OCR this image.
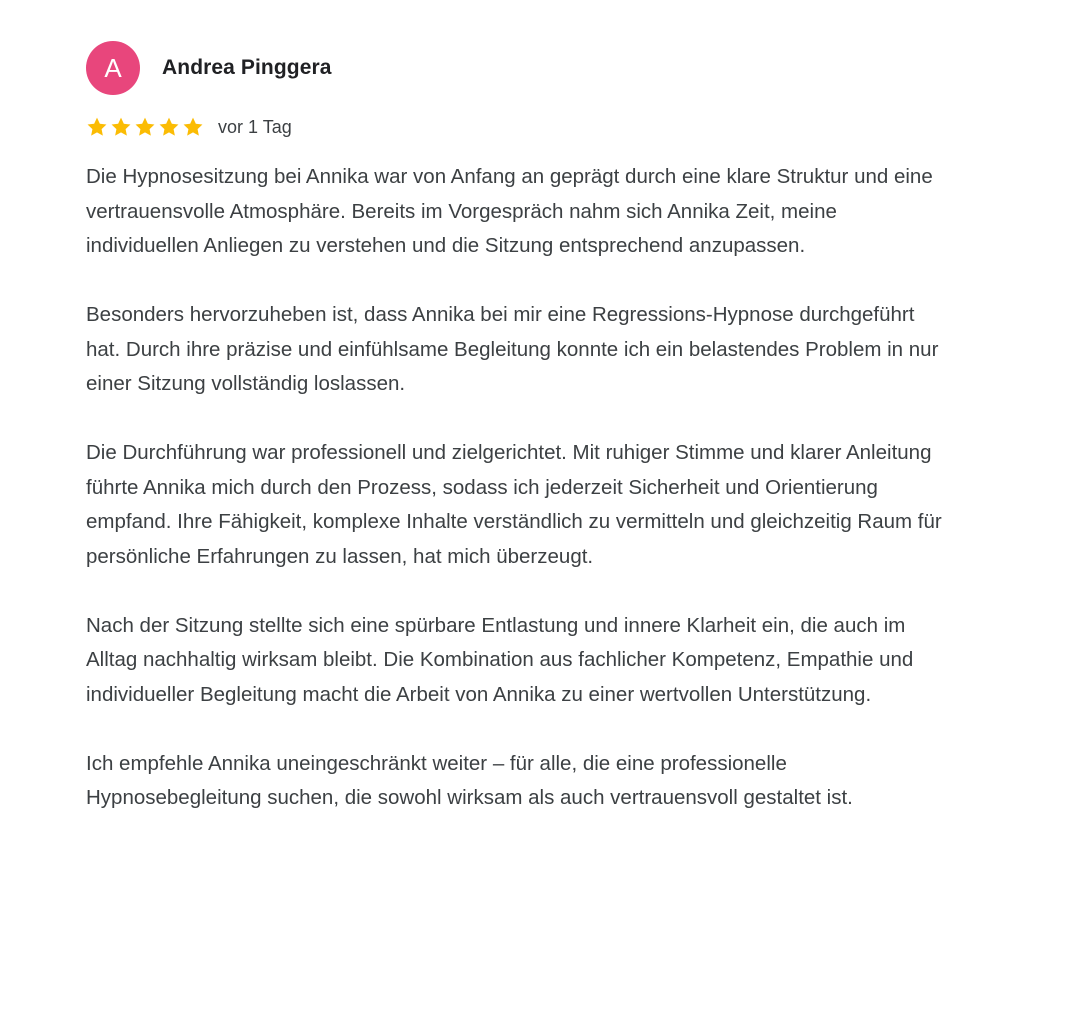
A Andrea Pinggera
vor 1 Tag

Die Hypnosesitzung bei Annika war von Anfang an geprägt durch eine klare Struktur und eine vertrauensvolle Atmosphäre. Bereits im Vorgespräch nahm sich Annika Zeit, meine individuellen Anliegen zu verstehen und die Sitzung entsprechend anzupassen.

Besonders hervorzuheben ist, dass Annika bei mir eine Regressions-Hypnose durchgeführt hat. Durch ihre präzise und einfühlsame Begleitung konnte ich ein belastendes Problem in nur einer Sitzung vollständig loslassen.

Die Durchführung war professionell und zielgerichtet. Mit ruhiger Stimme und klarer Anleitung führte Annika mich durch den Prozess, sodass ich jederzeit Sicherheit und Orientierung empfand. Ihre Fähigkeit, komplexe Inhalte verständlich zu vermitteln und gleichzeitig Raum für persönliche Erfahrungen zu lassen, hat mich überzeugt.

Nach der Sitzung stellte sich eine spürbare Entlastung und innere Klarheit ein, die auch im Alltag nachhaltig wirksam bleibt. Die Kombination aus fachlicher Kompetenz, Empathie und individueller Begleitung macht die Arbeit von Annika zu einer wertvollen Unterstützung.

Ich empfehle Annika uneingeschränkt weiter – für alle, die eine professionelle Hypnosebegleitung suchen, die sowohl wirksam als auch vertrauensvoll gestaltet ist.
